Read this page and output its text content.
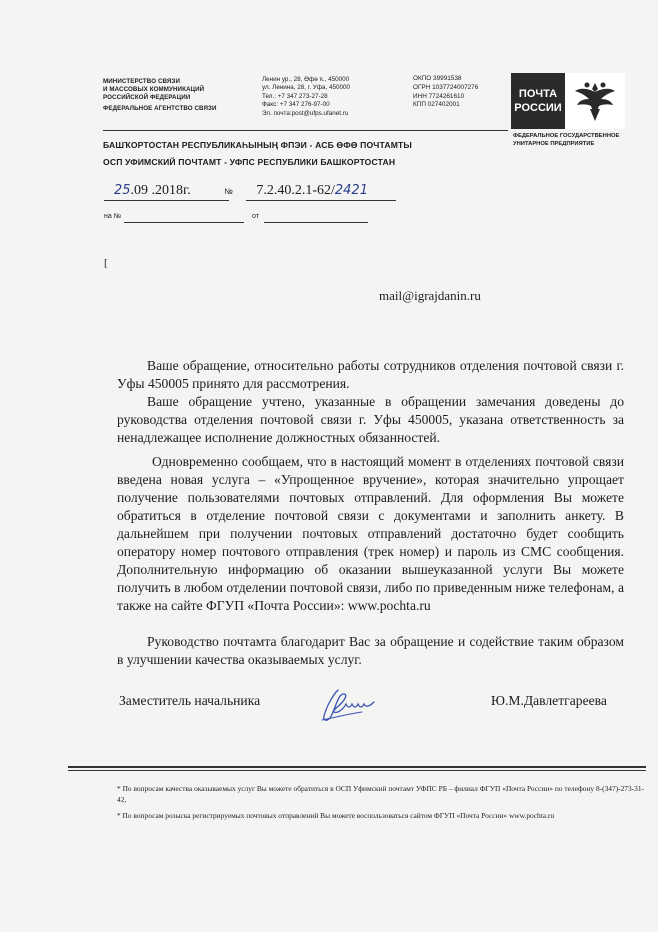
МИНИСТЕРСТВО СВЯЗИ
И МАССОВЫХ КОММУНИКАЦИЙ
РОССИЙСКОЙ ФЕДЕРАЦИИ
ФЕДЕРАЛЬНОЕ АГЕНТСТВО СВЯЗИ
Ленин ур., 28, Өфө ҡ., 450000
ул. Ленина, 28, г. Уфа, 450000
Тел.: +7 347 273-27-28
Факс: +7 347 276-97-00
Эл. почта:post@ufps.ufanet.ru
ОКПО 39991538
ОГРН 1037724007276
ИНН 7724261610
КПП 027402001
ПОЧТА
РОССИИ
ФЕДЕРАЛЬНОЕ ГОСУДАРСТВЕННОЕ
УНИТАРНОЕ ПРЕДПРИЯТИЕ
БАШҠОРТОСТАН РЕСПУБЛИКАҺЫНЫҢ ФПЭИ - АСБ ӨФӨ ПОЧТАМТЫ
ОСП УФИМСКИЙ ПОЧТАМТ - УФПС РЕСПУБЛИКИ БАШКОРТОСТАН
25.09 .2018г.	№ 7.2.40.2.1-62/2421
на №	от
[
mail@igrajdanin.ru

Ваше обращение, относительно работы сотрудников отделения почтовой связи г. Уфы 450005 принято для рассмотрения.

Ваше обращение учтено, указанные в обращении замечания доведены до руководства отделения почтовой связи г. Уфы 450005, указана ответственность за ненадлежащее исполнение должностных обязанностей.

Одновременно сообщаем, что в настоящий момент в отделениях почтовой связи введена новая услуга – «Упрощенное вручение», которая значительно упрощает получение пользователями почтовых отправлений. Для оформления Вы можете обратиться в отделение почтовой связи с документами и заполнить анкету. В дальнейшем при получении почтовых отправлений достаточно будет сообщить оператору номер почтового отправления (трек номер) и пароль из СМС сообщения. Дополнительную информацию об оказании вышеуказанной услуги Вы можете получить в любом отделении почтовой связи, либо по приведенным ниже телефонам, а также на сайте ФГУП «Почта России»: www.pochta.ru

Руководство почтамта благодарит Вас за обращение и содействие таким образом в улучшении качества оказываемых услуг.

Заместитель начальника	Ю.М.Давлетгареева
* По вопросам качества оказываемых услуг Вы можете обратиться в ОСП Уфимский почтамт УФПС РБ – филиал ФГУП «Почта России» по телефону 8-(347)-273-31-42,
* По вопросам розыска регистрируемых почтовых отправлений Вы можете воспользоваться сайтом ФГУП «Почта России» www.pochta.ru
